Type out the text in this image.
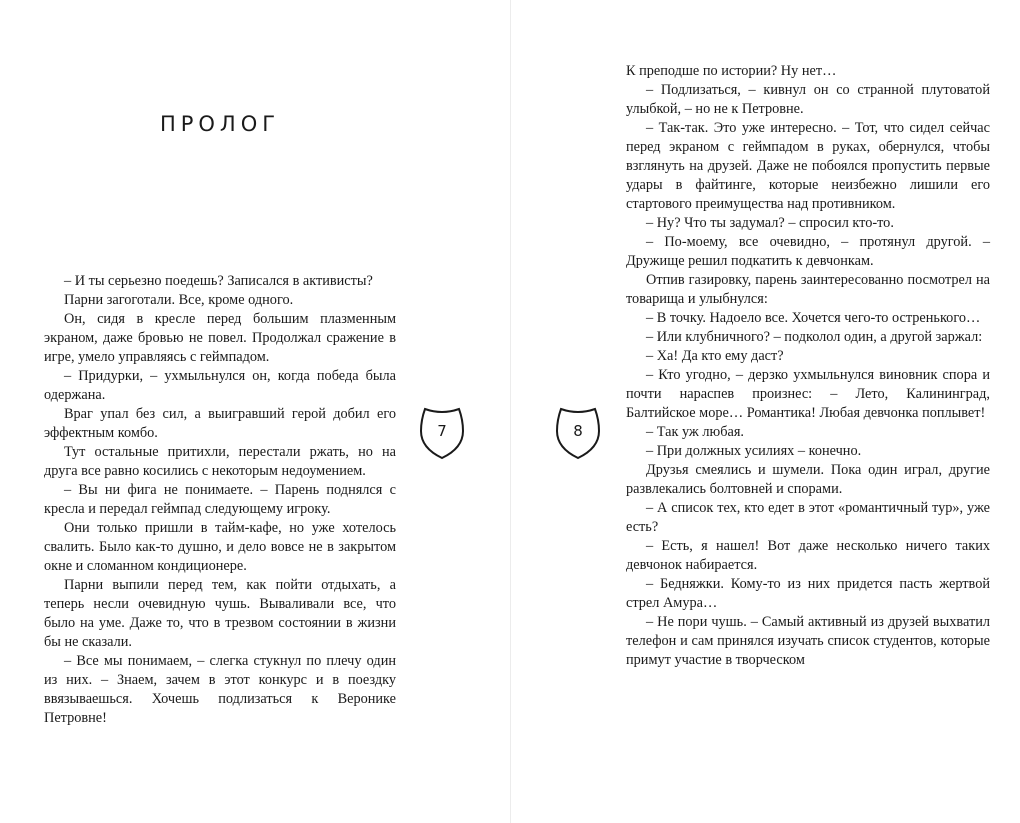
ПРОЛОГ

– И ты серьезно поедешь? Записался в активисты?

Парни загоготали. Все, кроме одного.

Он, сидя в кресле перед большим плазменным экраном, даже бровью не повел. Продолжал сражение в игре, умело управляясь с геймпадом.

– Придурки, – ухмыльнулся он, когда победа была одержана.

Враг упал без сил, а выигравший герой добил его эффектным комбо.

Тут остальные притихли, перестали ржать, но на друга все равно косились с некоторым недоумением.

– Вы ни фига не понимаете. – Парень поднялся с кресла и передал геймпад следующему игроку.

Они только пришли в тайм-кафе, но уже хотелось свалить. Было как-то душно, и дело вовсе не в закрытом окне и сломанном кондиционере.

Парни выпили перед тем, как пойти отдыхать, а теперь несли очевидную чушь. Вываливали все, что было на уме. Даже то, что в трезвом состоянии в жизни бы не сказали.

– Все мы понимаем, – слегка стукнул по плечу один из них. – Знаем, зачем в этот конкурс и в поездку ввязываешься. Хочешь подлизаться к Веронике Петровне!

7

К преподше по истории? Ну нет…

– Подлизаться, – кивнул он со странной плутоватой улыбкой, – но не к Петровне.

– Так-так. Это уже интересно. – Тот, что сидел сейчас перед экраном с геймпадом в руках, обернулся, чтобы взглянуть на друзей. Даже не побоялся пропустить первые удары в файтинге, которые неизбежно лишили его стартового преимущества над противником.

– Ну? Что ты задумал? – спросил кто-то.

– По-моему, все очевидно, – протянул другой. – Дружище решил подкатить к девчонкам.

Отпив газировку, парень заинтересованно посмотрел на товарища и улыбнулся:

– В точку. Надоело все. Хочется чего-то остренького…

– Или клубничного? – подколол один, а другой заржал:

– Ха! Да кто ему даст?

– Кто угодно, – дерзко ухмыльнулся виновник спора и почти нараспев произнес: – Лето, Калининград, Балтийское море… Романтика! Любая девчонка поплывет!

– Так уж любая.

– При должных усилиях – конечно.

Друзья смеялись и шумели. Пока один играл, другие развлекались болтовней и спорами.

– А список тех, кто едет в этот «романтичный тур», уже есть?

– Есть, я нашел! Вот даже несколько ничего таких девчонок набирается.

– Бедняжки. Кому-то из них придется пасть жертвой стрел Амура…

– Не пори чушь. – Самый активный из друзей выхватил телефон и сам принялся изучать список студентов, которые примут участие в творческом

8
